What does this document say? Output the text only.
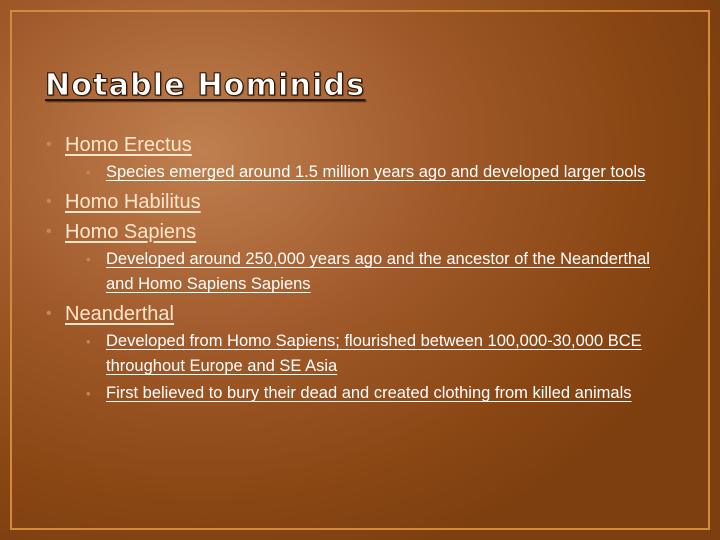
Notable Hominids
• Homo Erectus
• Species emerged around 1.5 million years ago and developed larger tools
• Homo Habilitus
• Homo Sapiens
• Developed around 250,000 years ago and the ancestor of the Neanderthal and Homo Sapiens Sapiens
• Neanderthal
• Developed from Homo Sapiens; flourished between 100,000-30,000 BCE throughout Europe and SE Asia
• First believed to bury their dead and created clothing from killed animals
